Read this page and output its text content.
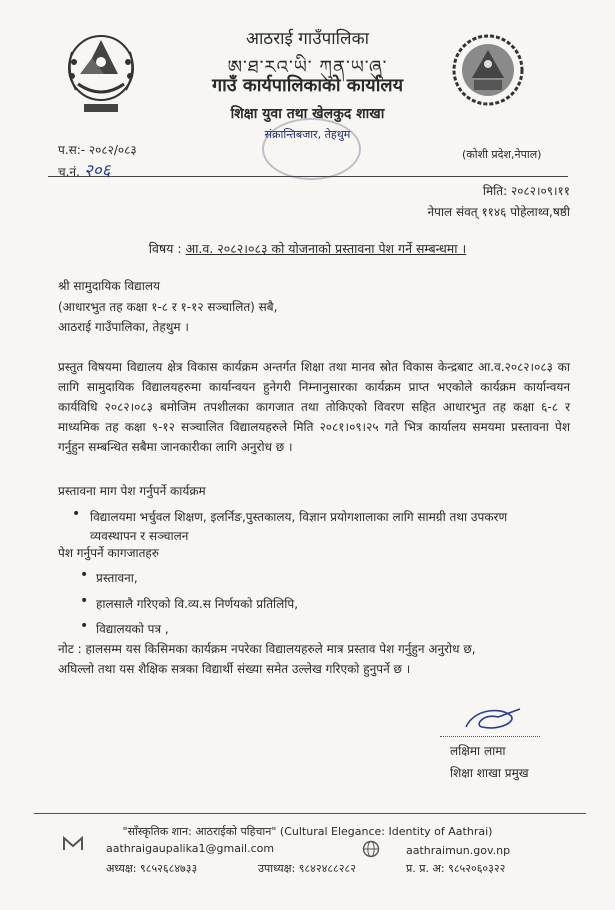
आठराई गाउँपालिका
ཨ་ཐ་རའ་ཡི་ ཀུན་ཡ་ཞུ་
गाउँ कार्यपालिकाको कार्यालय
शिक्षा युवा तथा खेलकुद शाखा
संक्रान्तिबजार, तेहथुम
प.स:- २०८२/०८३
च.नं. २०६
(कोशी प्रदेश,नेपाल)
मिति: २०८२।०९।११
नेपाल संवत् ११४६ पोहेलाथ्व,षष्ठी
विषय : आ.व. २०८२।०८३ को योजनाको प्रस्तावना पेश गर्ने सम्बन्धमा ।
श्री सामुदायिक विद्यालय
(आधारभुत तह कक्षा १-८ र १-१२ सञ्चालित) सबै,
आठराई गाउँपालिका, तेहथुम ।
प्रस्तुत विषयमा विद्यालय क्षेत्र विकास कार्यक्रम अन्तर्गत शिक्षा तथा मानव स्रोत विकास केन्द्रबाट आ.व.२०८२।०८३ का लागि सामुदायिक विद्यालयहरुमा कार्यान्वयन हुनेगरी निम्नानुसारका कार्यक्रम प्राप्त भएकोले कार्यक्रम कार्यान्वयन कार्यविधि २०८२।०८३ बमोजिम तपशीलका कागजात तथा तोकिएको विवरण सहित आधारभुत तह कक्षा ६-८ र माध्यमिक तह कक्षा ९-१२ सञ्चालित विद्यालयहरुले मिति २०८१।०९।२५ गते भित्र कार्यालय समयमा प्रस्तावना पेश गर्नुहुन सम्बन्धित सबैमा जानकारीका लागि अनुरोध छ ।
प्रस्तावना माग पेश गर्नुपर्ने कार्यक्रम
• विद्यालयमा भर्चुवल शिक्षण, इलर्निङ,पुस्तकालय, विज्ञान प्रयोगशालाका लागि सामग्री तथा उपकरण
व्यवस्थापन र सञ्चालन
पेश गर्नुपर्ने कागजातहरु
• प्रस्तावना,
• हालसालै गरिएको वि.व्य.स निर्णयको प्रतिलिपि,
• विद्यालयको पत्र ,
नोट : हालसम्म यस किसिमका कार्यक्रम नपरेका विद्यालयहरुले मात्र प्रस्ताव पेश गर्नुहुन अनुरोध छ,
अघिल्लो तथा यस शैक्षिक सत्रका विद्यार्थी संख्या समेत उल्लेख गरिएको हुनुपर्ने छ ।
लक्षिमा लामा
शिक्षा शाखा प्रमुख
"साँस्कृतिक शान: आठराईको पहिचान" (Cultural Elegance: Identity of Aathrai)
aathraigaupalika1@gmail.com	aathraimun.gov.np
अध्यक्ष: ९८५२६८४७३३	उपाध्यक्ष: ९८४२४८८२८२	प्र. प्र. अ: ९८५२०६०३२२
